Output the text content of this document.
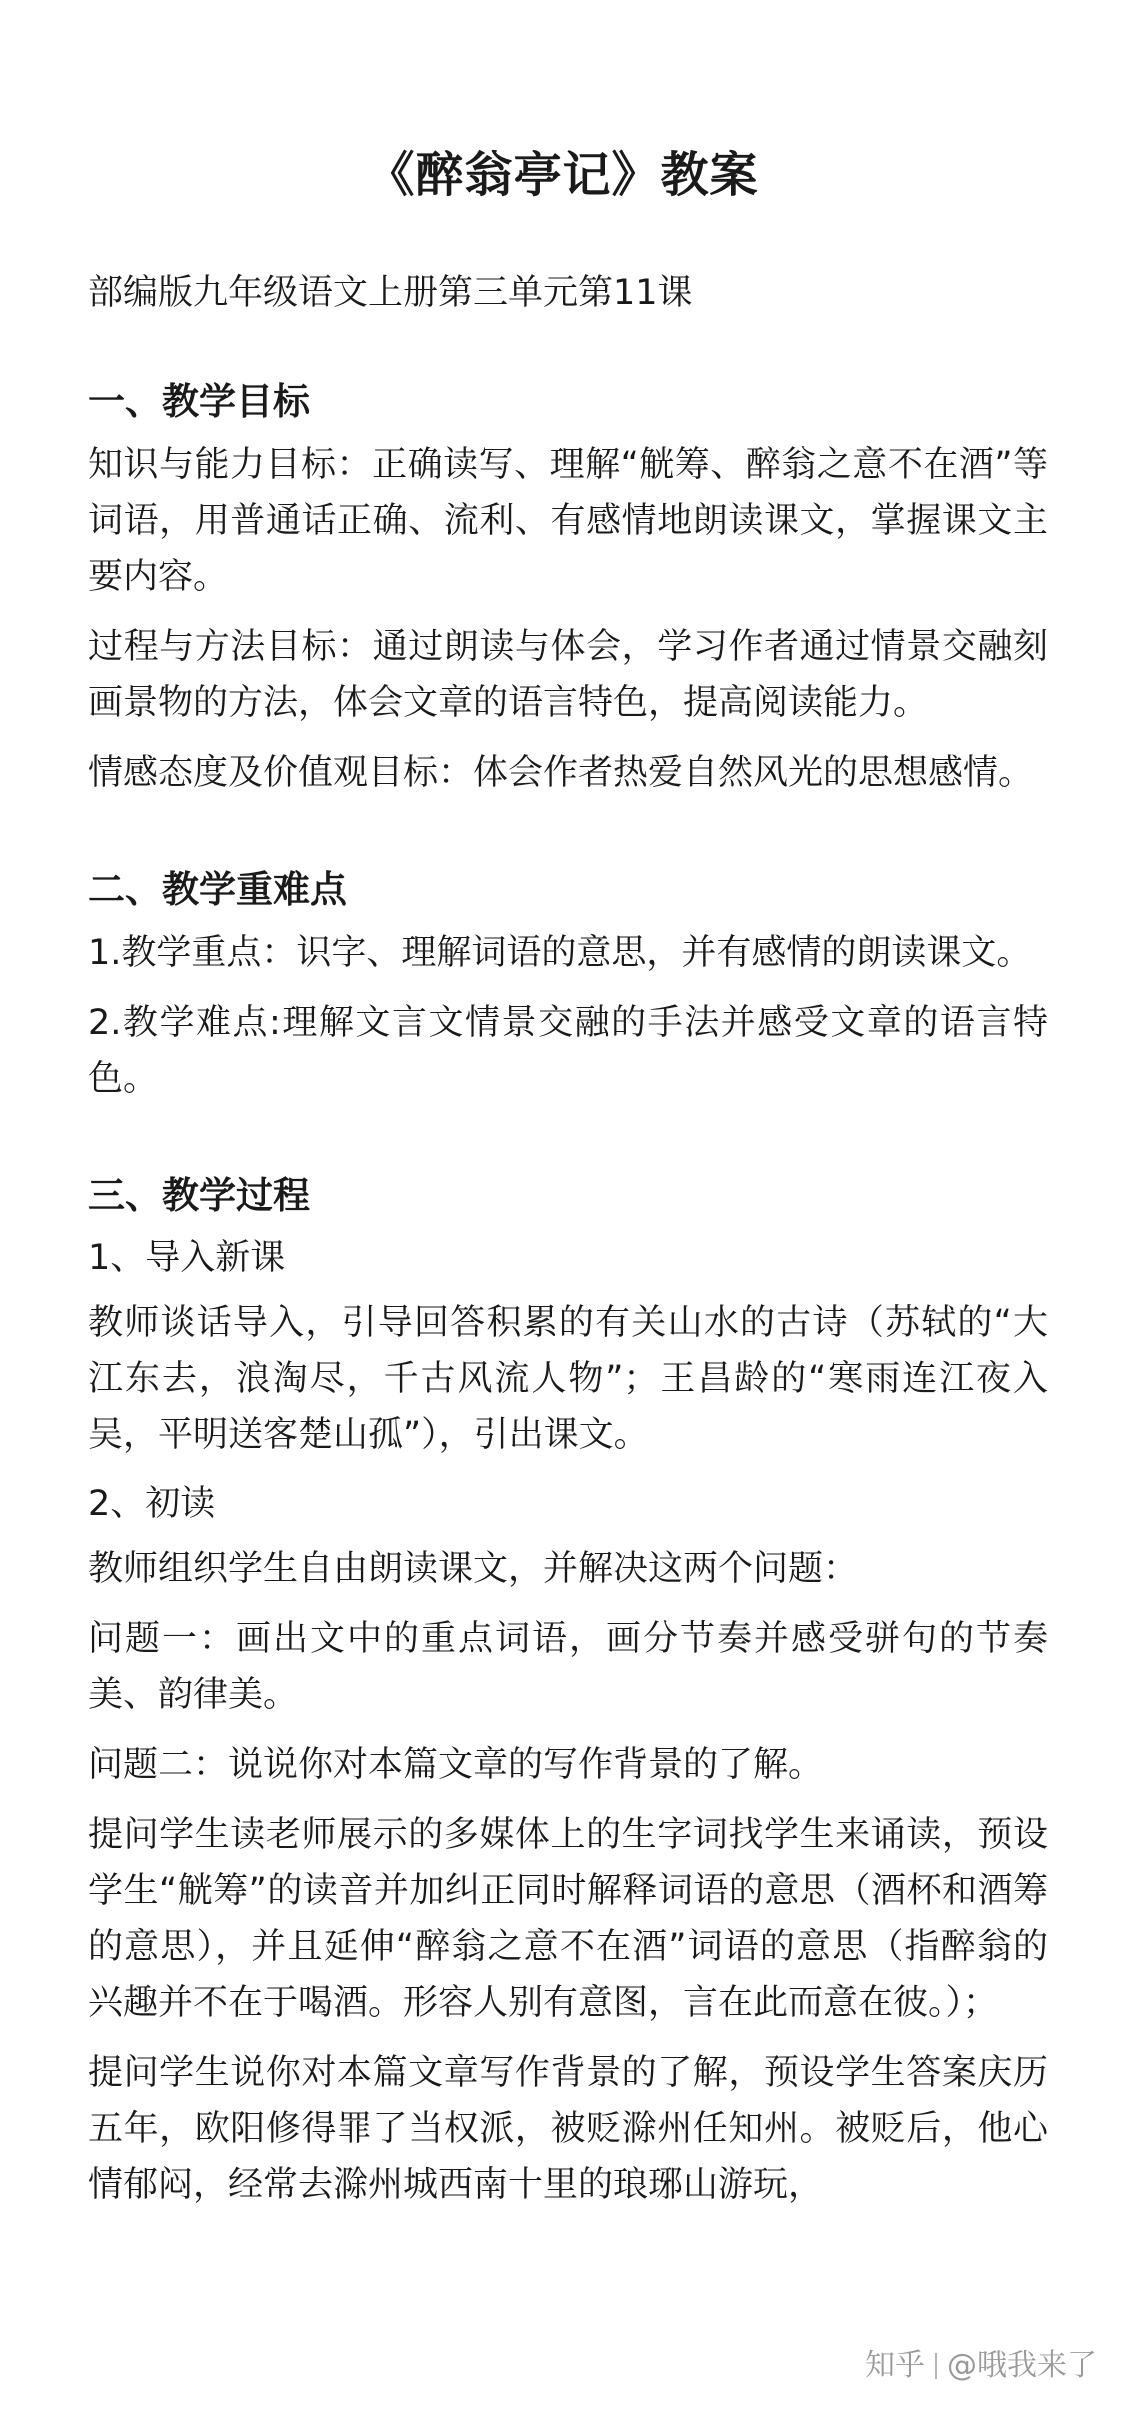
《醉翁亭记》教案
部编版九年级语文上册第三单元第11课
一、教学目标

知识与能力目标：正确读写、理解“觥筹、醉翁之意不在酒”等词语，用普通话正确、流利、有感情地朗读课文，掌握课文主要内容。

过程与方法目标：通过朗读与体会，学习作者通过情景交融刻画景物的方法，体会文章的语言特色，提高阅读能力。

情感态度及价值观目标：体会作者热爱自然风光的思想感情。

二、教学重难点

1.教学重点：识字、理解词语的意思，并有感情的朗读课文。

2.教学难点:理解文言文情景交融的手法并感受文章的语言特色。

三、教学过程
1、导入新课

教师谈话导入，引导回答积累的有关山水的古诗（苏轼的“大江东去，浪淘尽，千古风流人物”；王昌龄的“寒雨连江夜入吴，平明送客楚山孤”），引出课文。

2、初读

教师组织学生自由朗读课文，并解决这两个问题：

问题一：画出文中的重点词语，画分节奏并感受骈句的节奏美、韵律美。

问题二：说说你对本篇文章的写作背景的了解。

提问学生读老师展示的多媒体上的生字词找学生来诵读，预设学生“觥筹”的读音并加纠正同时解释词语的意思（酒杯和酒筹的意思），并且延伸“醉翁之意不在酒”词语的意思（指醉翁的兴趣并不在于喝酒。形容人别有意图，言在此而意在彼。）；

提问学生说你对本篇文章写作背景的了解，预设学生答案庆历五年，欧阳修得罪了当权派，被贬滁州任知州。被贬后，他心情郁闷，经常去滁州城西南十里的琅琊山游玩，

知乎 @哦我来了
